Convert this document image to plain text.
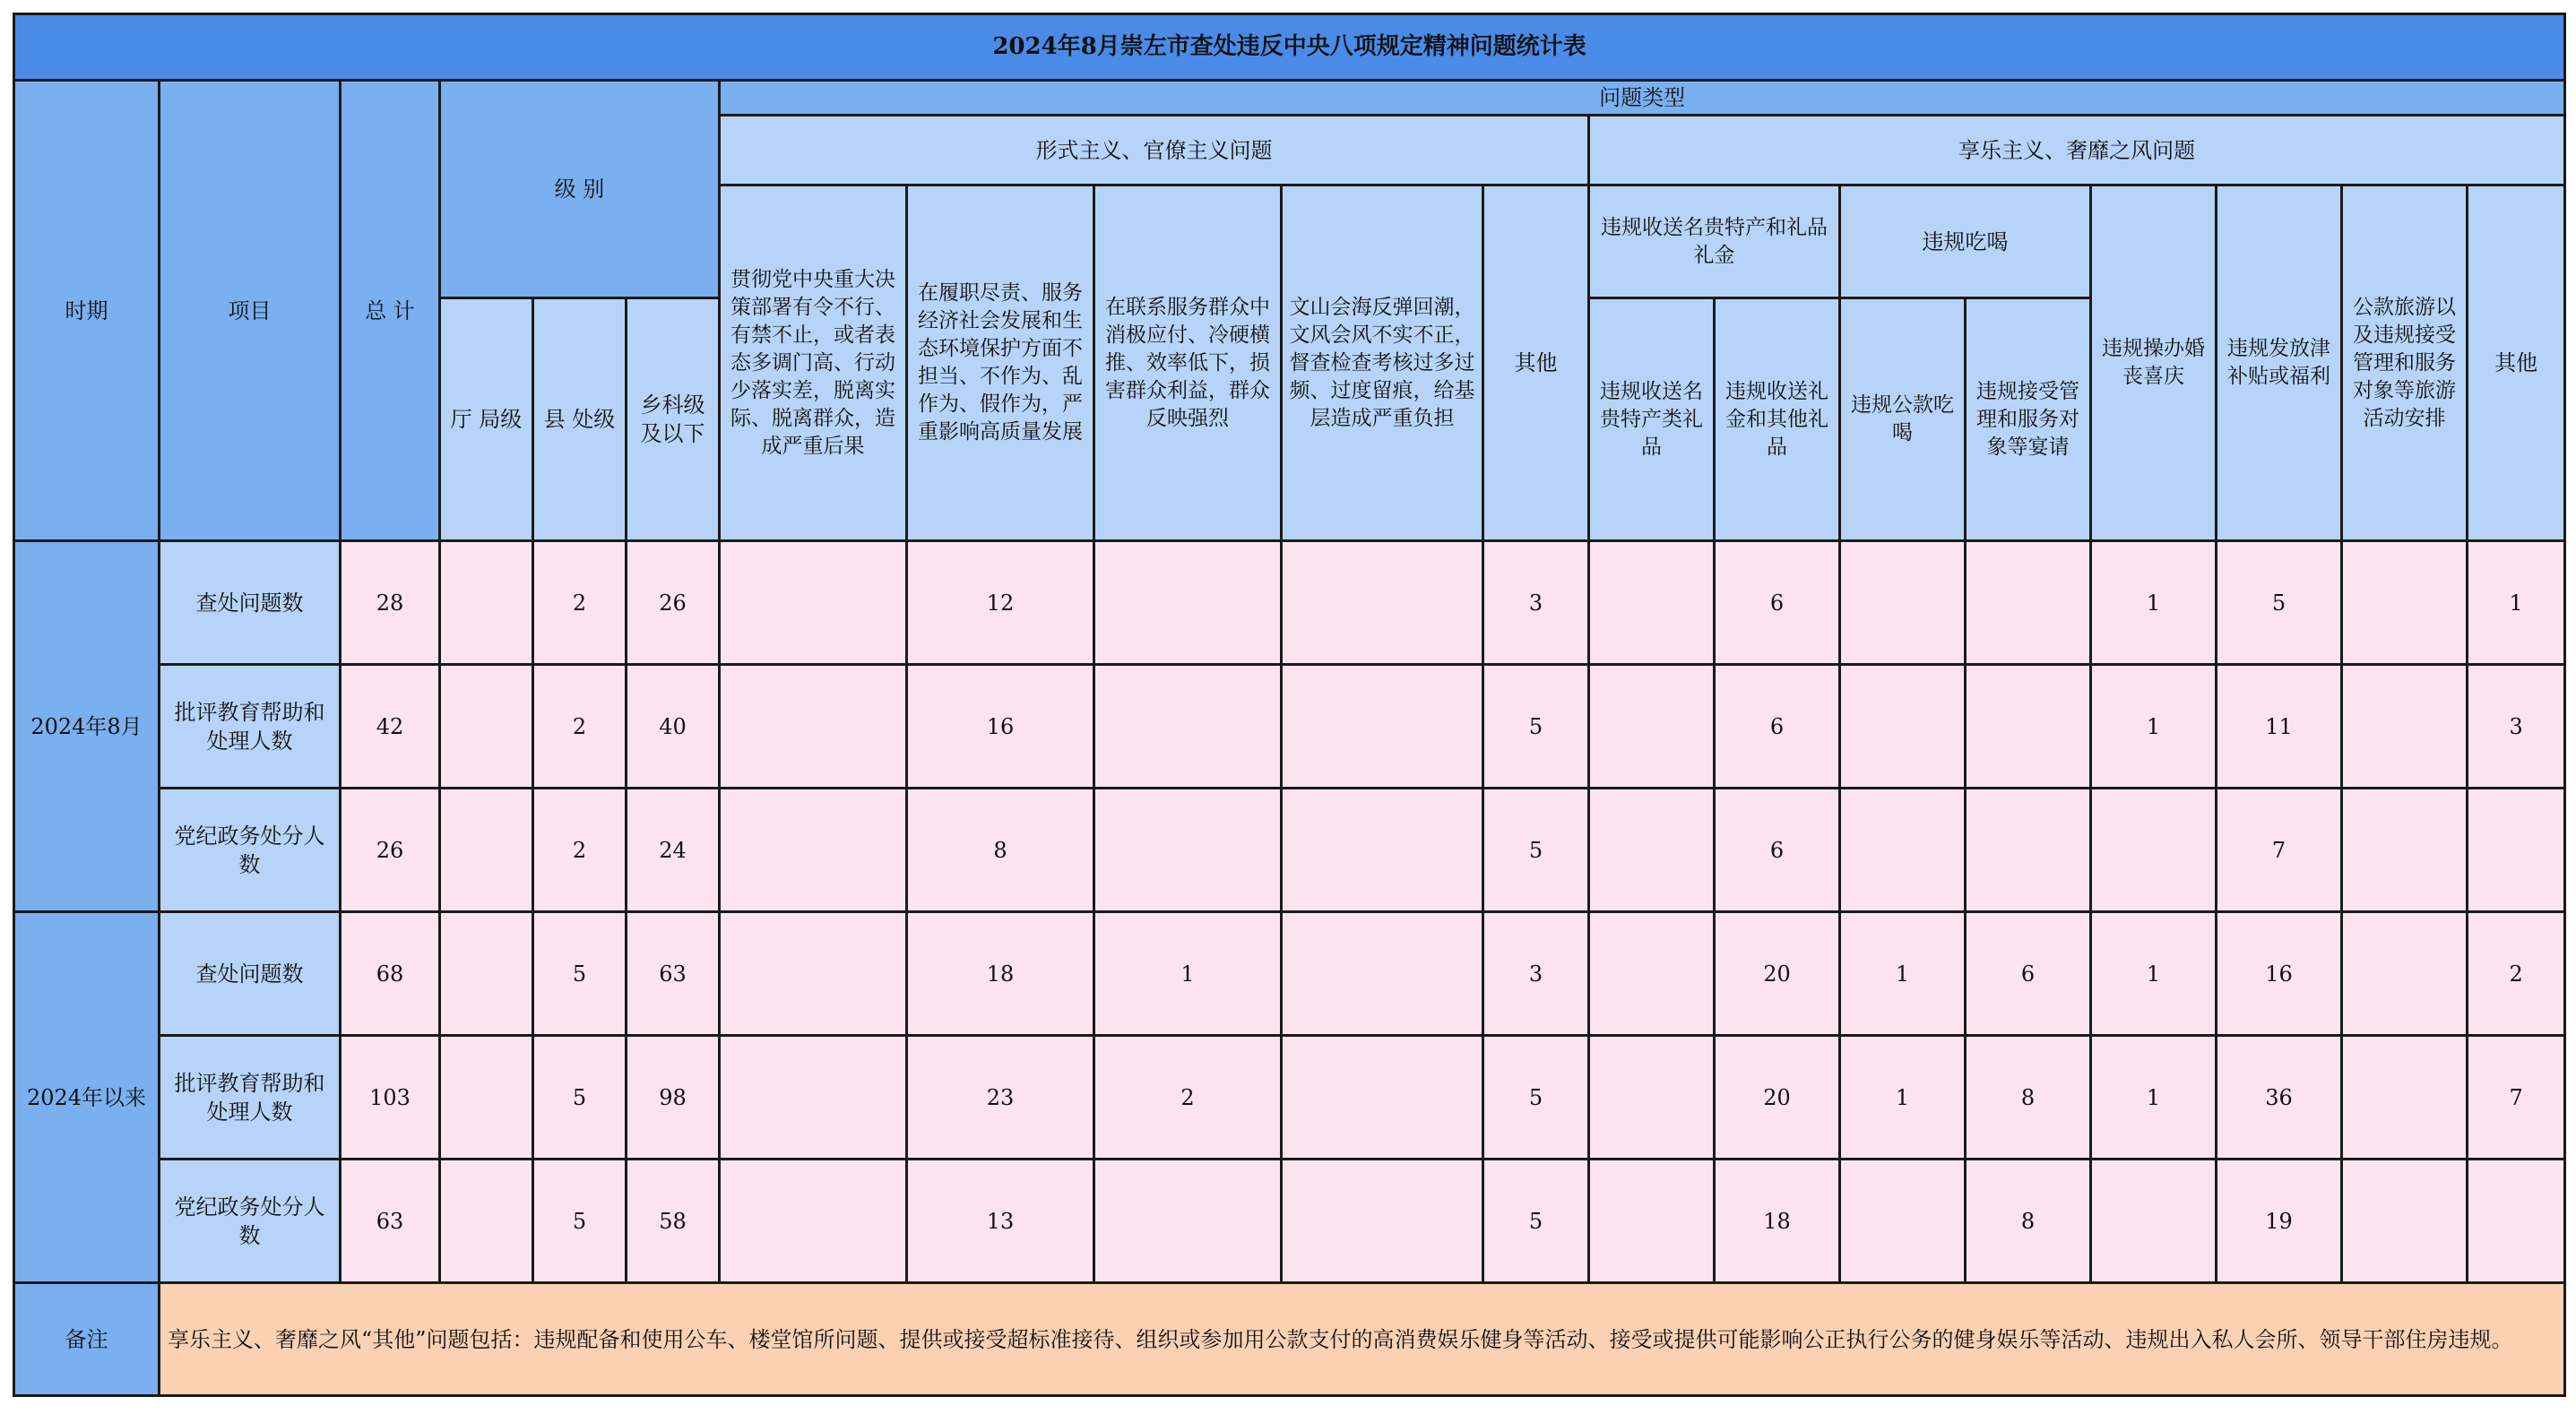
2024年8月崇左市查处违反中央八项规定精神问题统计表																		
时期	项目	总 计	级 别			问题类型												
						形式主义、官僚主义问题					享乐主义、奢靡之风问题							
						贯彻党中央重大决策部署有令不行、有禁不止，或者表态多调门高、行动少落实差，脱离实际、脱离群众，造成严重后果	在履职尽责、服务经济社会发展和生态环境保护方面不担当、不作为、乱作为、假作为，严重影响高质量发展	在联系服务群众中消极应付、冷硬横推、效率低下，损害群众利益，群众反映强烈	文山会海反弹回潮，文风会风不实不正，督查检查考核过多过频、过度留痕，给基层造成严重负担	其他	违规收送名贵特产和礼品礼金		违规吃喝		违规操办婚丧喜庆	违规发放津补贴或福利	公款旅游以及违规接受管理和服务对象等旅游活动安排	其他
			厅 局级	县 处级	乡科级及以下						违规收送名贵特产类礼品	违规收送礼金和其他礼品	违规公款吃喝	违规接受管理和服务对象等宴请				

2024年8月	查处问题数	28		2	26		12			3		6			1	5		1
	批评教育帮助和处理人数	42		2	40		16			5		6			1	11		3
	党纪政务处分人数	26		2	24		8			5		6				7		
2024年以来	查处问题数	68		5	63		18	1		3		20	1	6	1	16		2
	批评教育帮助和处理人数	103		5	98		23	2		5		20	1	8	1	36		7
	党纪政务处分人数	63		5	58		13			5		18		8		19		
备注	享乐主义、奢靡之风“其他”问题包括：违规配备和使用公车、楼堂馆所问题、提供或接受超标准接待、组织或参加用公款支付的高消费娱乐健身等活动、接受或提供可能影响公正执行公务的健身娱乐等活动、违规出入私人会所、领导干部住房违规。																	
